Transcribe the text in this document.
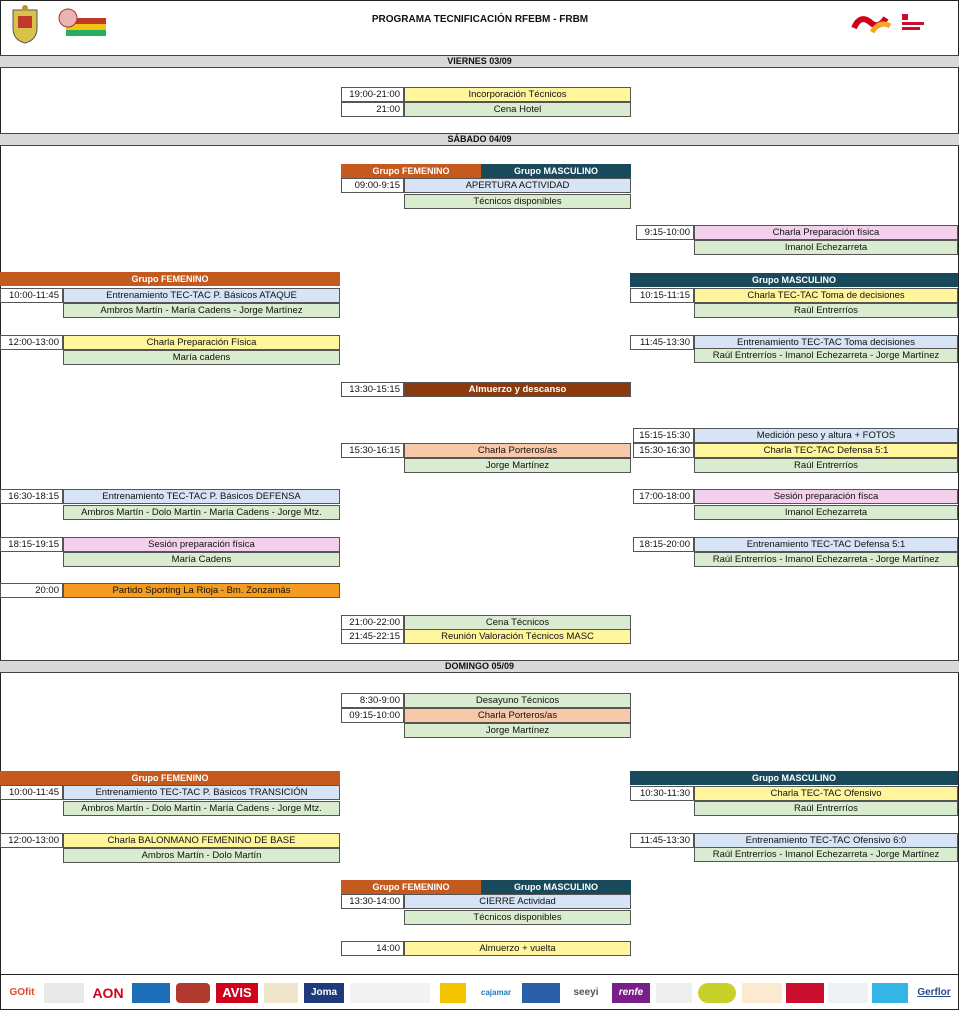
PROGRAMA TECNIFICACIÓN RFEBM - FRBM
VIERNES 03/09
19:00-21:00	Incorporación Técnicos
21:00	Cena Hotel
SÁBADO 04/09
Grupo FEMENINO	Grupo MASCULINO
09:00-9:15	APERTURA ACTIVIDAD
Técnicos disponibles
9:15-10:00	Charla Preparación física
Imanol Echezarreta
Grupo FEMENINO	Grupo MASCULINO
10:00-11:45	Entrenamiento TEC-TAC P. Básicos ATAQUE
Ambros Martín - María Cadens - Jorge Martínez
10:15-11:15	Charla TEC-TAC Toma de decisiones
Raúl Entrerríos
12:00-13:00	Charla Preparación Física
María cadens
11:45-13:30	Entrenamiento TEC-TAC Toma decisiones
Raúl Entrerríos - Imanol Echezarreta - Jorge Martínez
13:30-15:15	Almuerzo y descanso
15:15-15:30	Medición peso y altura + FOTOS
15:30-16:30	Charla TEC-TAC Defensa 5:1
Raúl Entrerríos
15:30-16:15	Charla Porteros/as
Jorge Martínez
16:30-18:15	Entrenamiento TEC-TAC P. Básicos DEFENSA
Ambros Martín - Dolo Martín - María Cadens - Jorge Mtz.
17:00-18:00	Sesión preparación físca
Imanol Echezarreta
18:15-19:15	Sesión preparación física
María Cadens
18:15-20:00	Entrenamiento TEC-TAC Defensa 5:1
Raúl Entrerríos - Imanol Echezarreta - Jorge Martínez
20:00	Partido Sporting La Rioja - Bm. Zonzamás
21:00-22:00	Cena Técnicos
21:45-22:15	Reunión Valoración Técnicos MASC
DOMINGO 05/09
8:30-9:00	Desayuno Técnicos
09:15-10:00	Charla Porteros/as
Jorge Martínez
Grupo FEMENINO	Grupo MASCULINO
10:00-11:45	Entrenamiento TEC-TAC P. Básicos TRANSICIÓN
Ambros Martín - Dolo Martín - María Cadens - Jorge Mtz.
10:30-11:30	Charla TEC-TAC Ofensivo
Raúl Entrerríos
12:00-13:00	Charla BALONMANO FEMENINO DE BASE
Ambros Martín - Dolo Martín
11:45-13:30	Entrenamiento TEC-TAC Ofensivo 6:0
Raúl Entrerríos - Imanol Echezarreta - Jorge Martínez
Grupo FEMENINO	Grupo MASCULINO
13:30-14:00	CIERRE Actividad
Técnicos disponibles
14:00	Almuerzo + vuelta
GOfit	AON	AVIS	Joma	cajamar	seeyi	renfe	Gerflor
